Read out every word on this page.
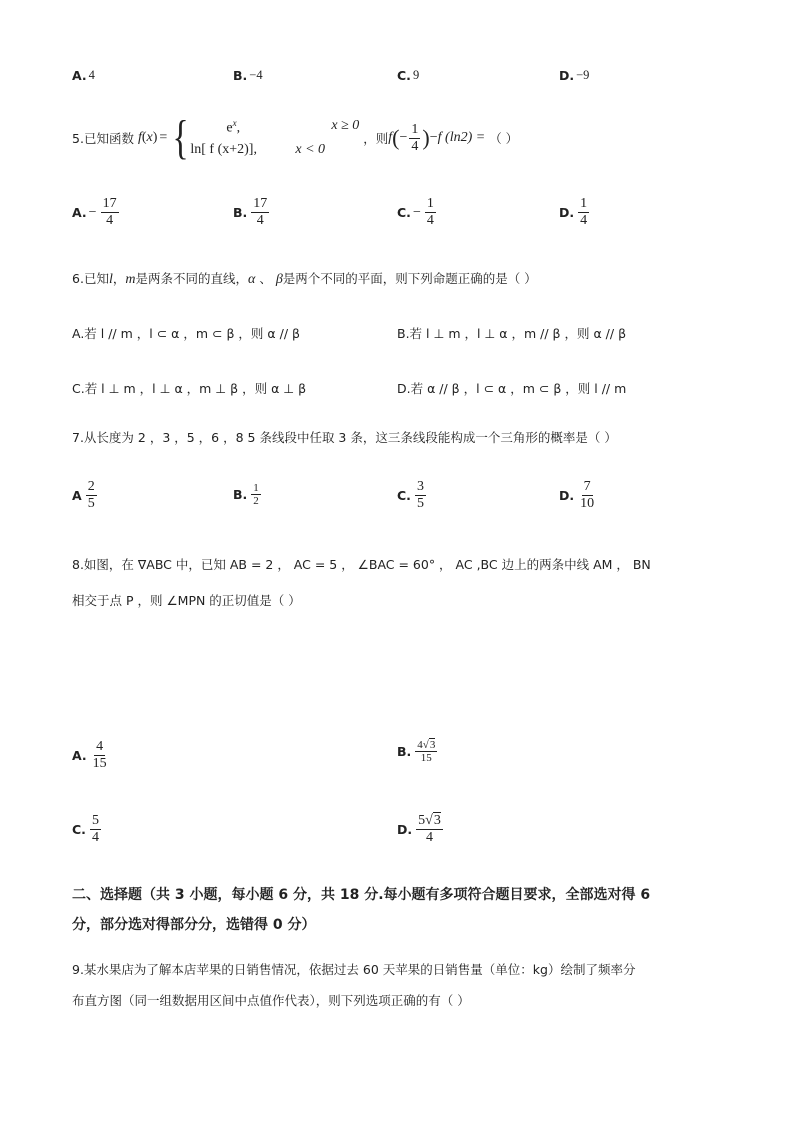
A. 4	B. −4	C. 9	D. −9
5. 已知函数 f ( x ) = {	$e^x$,	x ≥ 0
ln[ f (x+2)],	x < 0
，则 f ( − $\frac{1}{4}$ ) − f (ln2) = （ ）
A. − $\frac{17}{4}$	B. $\frac{17}{4}$	C. − $\frac{1}{4}$	D. $\frac{1}{4}$
6.已知l，m是两条不同的直线，α 、 β是两个不同的平面，则下列命题正确的是（ ）
A.若 l // m ，l ⊂ α ，m ⊂ β ，则 α // β	B.若 l ⊥ m ，l ⊥ α ，m // β ，则 α // β
C.若 l ⊥ m ，l ⊥ α ，m ⊥ β ，则 α ⊥ β	D.若 α // β ，l ⊂ α ，m ⊂ β ，则 l // m
7.从长度为 2 ，3 ，5 ，6 ，8 5 条线段中任取 3 条，这三条线段能构成一个三角形的概率是（ ）
A $\frac{2}{5}$	B. $\frac{1}{2}$	C. $\frac{3}{5}$	D. $\frac{7}{10}$
8.如图，在 ∇ABC 中，已知 AB = 2 ， AC = 5 ， ∠BAC = 60° ， AC ,BC 边上的两条中线 AM ， BN
相交于点 P ，则 ∠MPN 的正切值是（ ）
A. $\frac{4}{15}$	B. $\frac{4√3}{15}$
C. $\frac{5}{4}$	D. $\frac{5√3}{4}$
二、选择题（共 3 小题，每小题 6 分，共 18 分.每小题有多项符合题目要求，全部选对得 6
分，部分选对得部分分，选错得 0 分）
9.某水果店为了解本店苹果的日销售情况，依据过去 60 天苹果的日销售量（单位：kg）绘制了频率分
布直方图（同一组数据用区间中点值作代表），则下列选项正确的有（ ）
